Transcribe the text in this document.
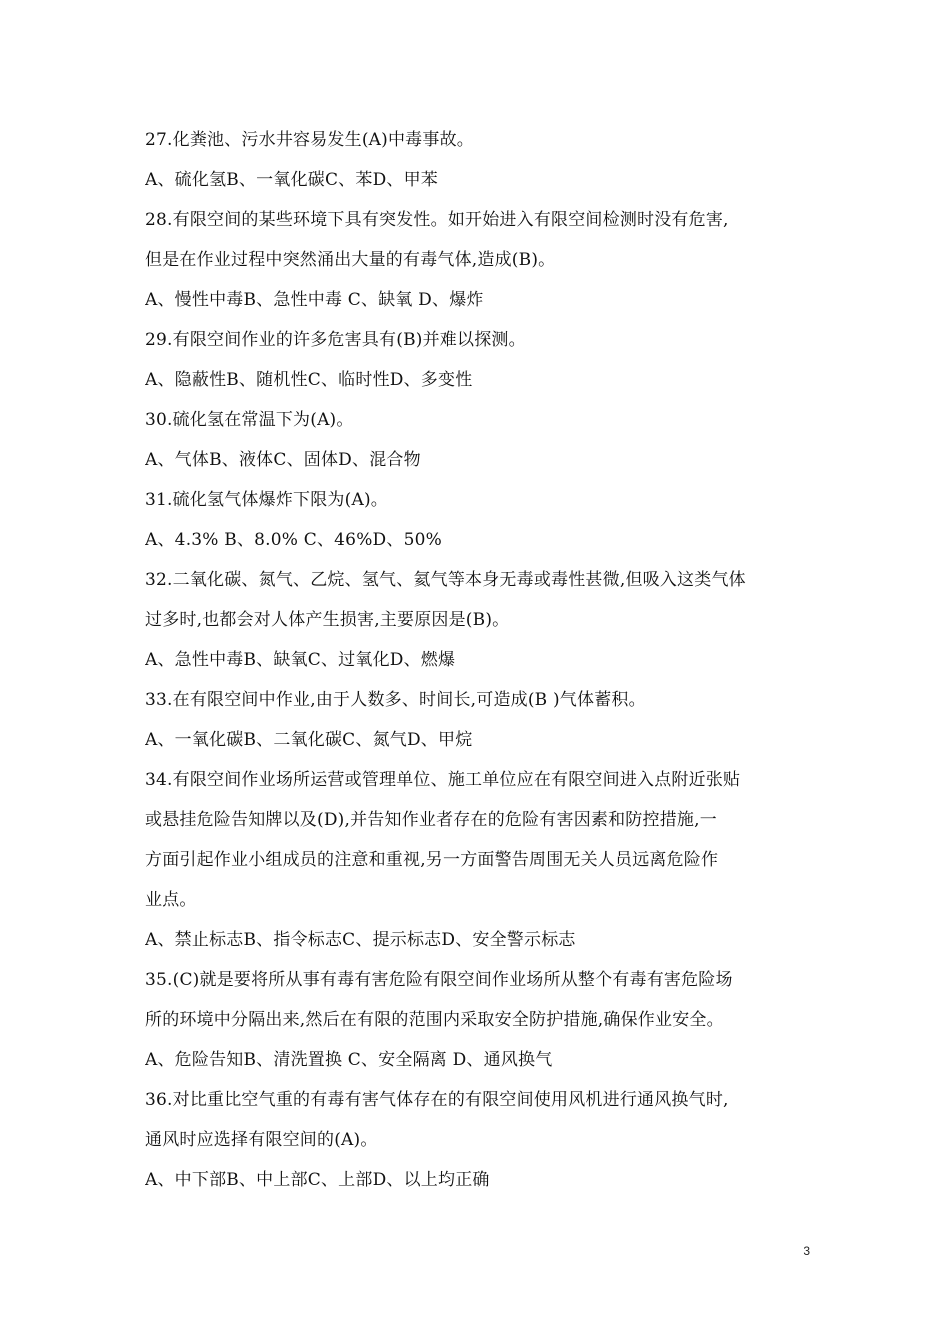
27.化粪池、污水井容易发生(A)中毒事故。
A、硫化氢B、一氧化碳C、苯D、甲苯
28.有限空间的某些环境下具有突发性。如开始进入有限空间检测时没有危害,
但是在作业过程中突然涌出大量的有毒气体,造成(B)。
A、慢性中毒B、急性中毒 C、缺氧 D、爆炸
29.有限空间作业的许多危害具有(B)并难以探测。
A、隐蔽性B、随机性C、临时性D、多变性
30.硫化氢在常温下为(A)。
A、气体B、液体C、固体D、混合物
31.硫化氢气体爆炸下限为(A)。
A、4.3% B、8.0% C、46%D、50%
32.二氧化碳、氮气、乙烷、氢气、氦气等本身无毒或毒性甚微,但吸入这类气体
过多时,也都会对人体产生损害,主要原因是(B)。
A、急性中毒B、缺氧C、过氧化D、燃爆
33.在有限空间中作业,由于人数多、时间长,可造成(B )气体蓄积。
A、一氧化碳B、二氧化碳C、氮气D、甲烷
34.有限空间作业场所运营或管理单位、施工单位应在有限空间进入点附近张贴
或悬挂危险告知牌以及(D),并告知作业者存在的危险有害因素和防控措施,一
方面引起作业小组成员的注意和重视,另一方面警告周围无关人员远离危险作
业点。
A、禁止标志B、指令标志C、提示标志D、安全警示标志
35.(C)就是要将所从事有毒有害危险有限空间作业场所从整个有毒有害危险场
所的环境中分隔出来,然后在有限的范围内采取安全防护措施,确保作业安全。
A、危险告知B、清洗置换 C、安全隔离 D、通风换气
36.对比重比空气重的有毒有害气体存在的有限空间使用风机进行通风换气时,
通风时应选择有限空间的(A)。
A、中下部B、中上部C、上部D、以上均正确
3
